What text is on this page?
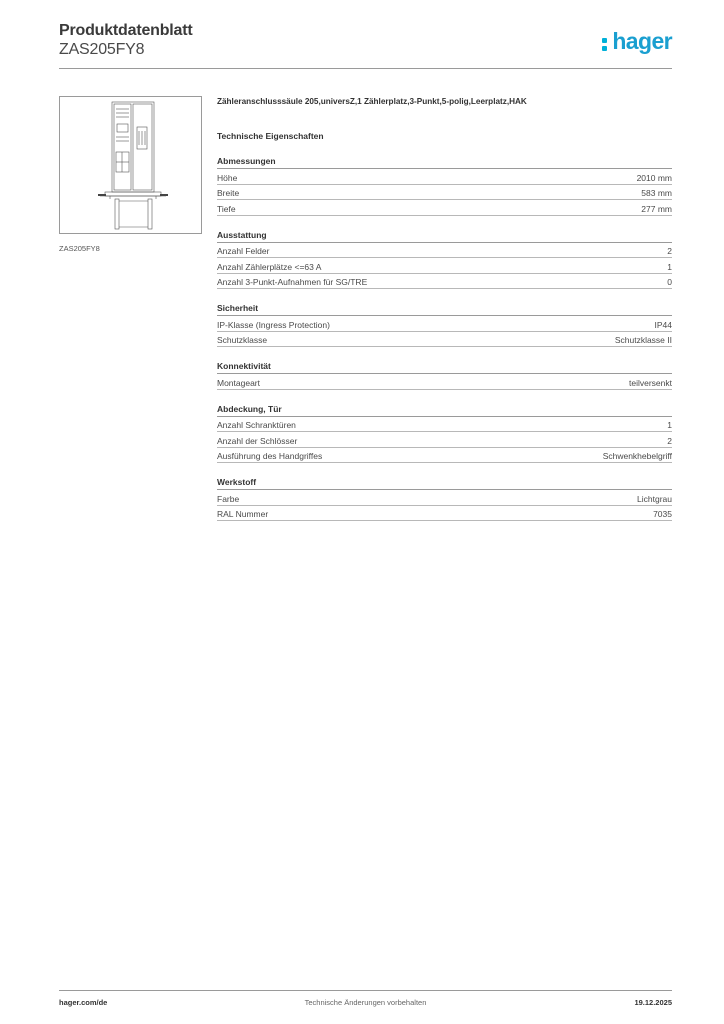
Produktdatenblatt
ZAS205FY8	hager
ZAS205FY8
Zähleranschlusssäule 205,universZ,1 Zählerplatz,3-Punkt,5-polig,Leerplatz,HAK
Technische Eigenschaften
Abmessungen
Höhe	2010 mm
Breite	583 mm
Tiefe	277 mm
Ausstattung
Anzahl Felder	2
Anzahl Zählerplätze <=63 A	1
Anzahl 3-Punkt-Aufnahmen für SG/TRE	0
Sicherheit
IP-Klasse (Ingress Protection)	IP44
Schutzklasse	Schutzklasse II
Konnektivität
Montageart	teilversenkt
Abdeckung, Tür
Anzahl Schranktüren	1
Anzahl der Schlösser	2
Ausführung des Handgriffes	Schwenkhebelgriff
Werkstoff
Farbe	Lichtgrau
RAL Nummer	7035
hager.com/de	Technische Änderungen vorbehalten	19.12.2025
